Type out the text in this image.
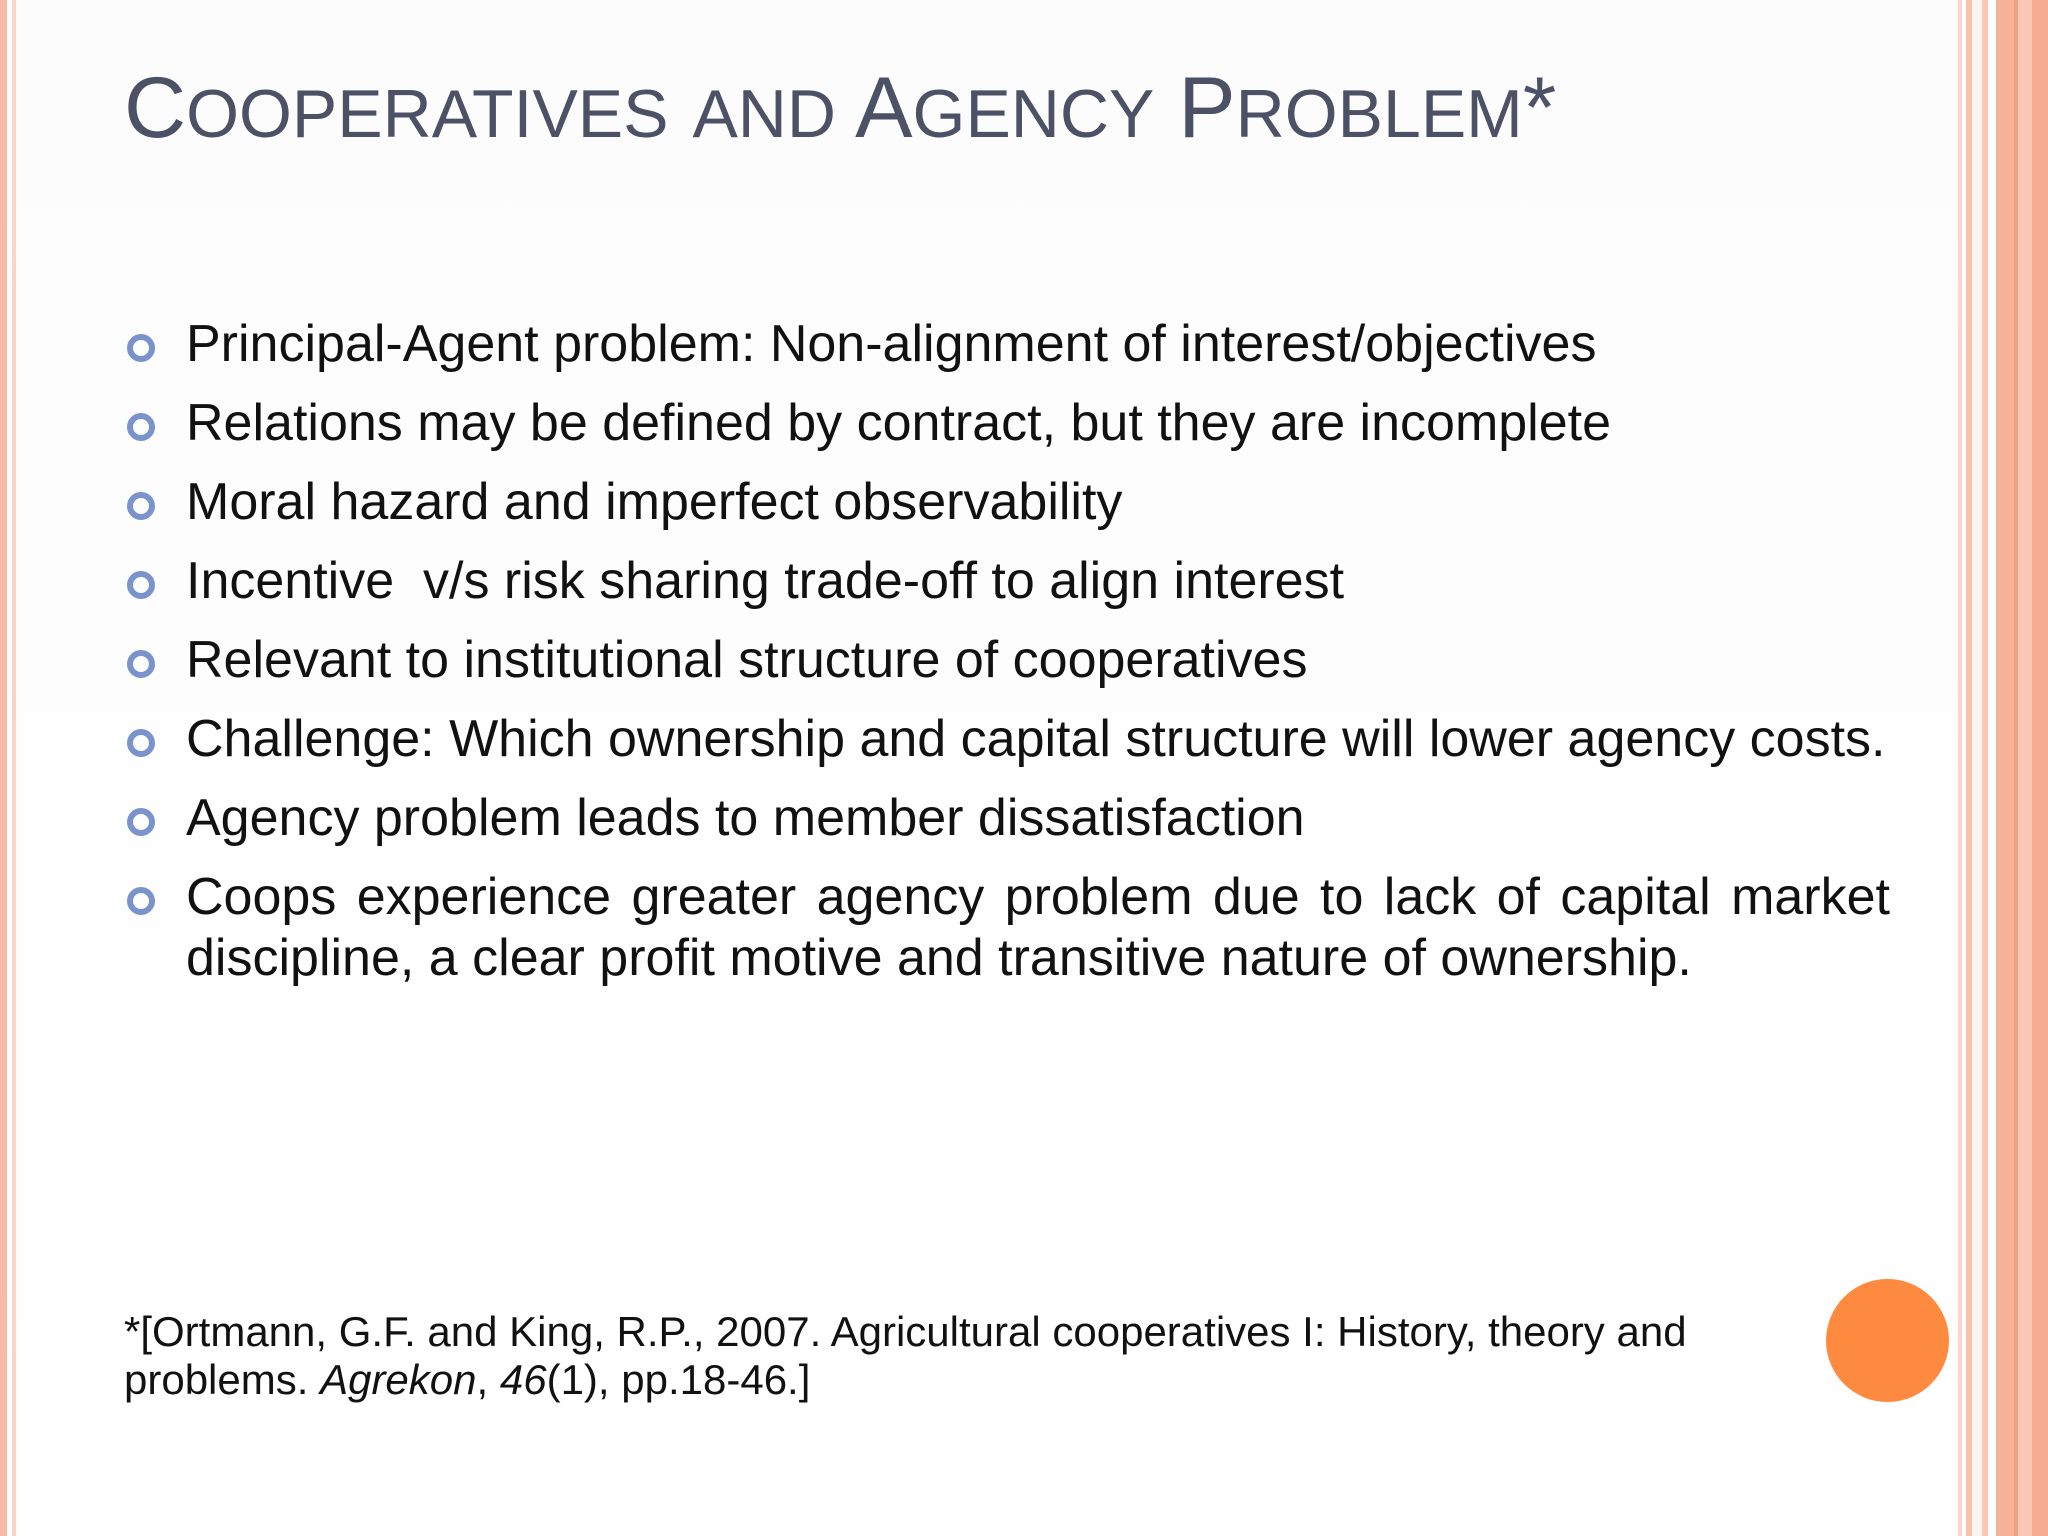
COOPERATIVES AND AGENCY PROBLEM*
Principal-Agent problem: Non-alignment of interest/objectives
Relations may be defined by contract, but they are incomplete
Moral hazard and imperfect observability
Incentive  v/s risk sharing trade-off to align interest
Relevant to institutional structure of cooperatives
Challenge: Which ownership and capital structure will lower agency costs.
Agency problem leads to member dissatisfaction
Coops experience greater agency problem due to lack of capital market discipline, a clear profit motive and transitive nature of ownership.

*[Ortmann, G.F. and King, R.P., 2007. Agricultural cooperatives I: History, theory and problems. Agrekon, 46(1), pp.18-46.]
